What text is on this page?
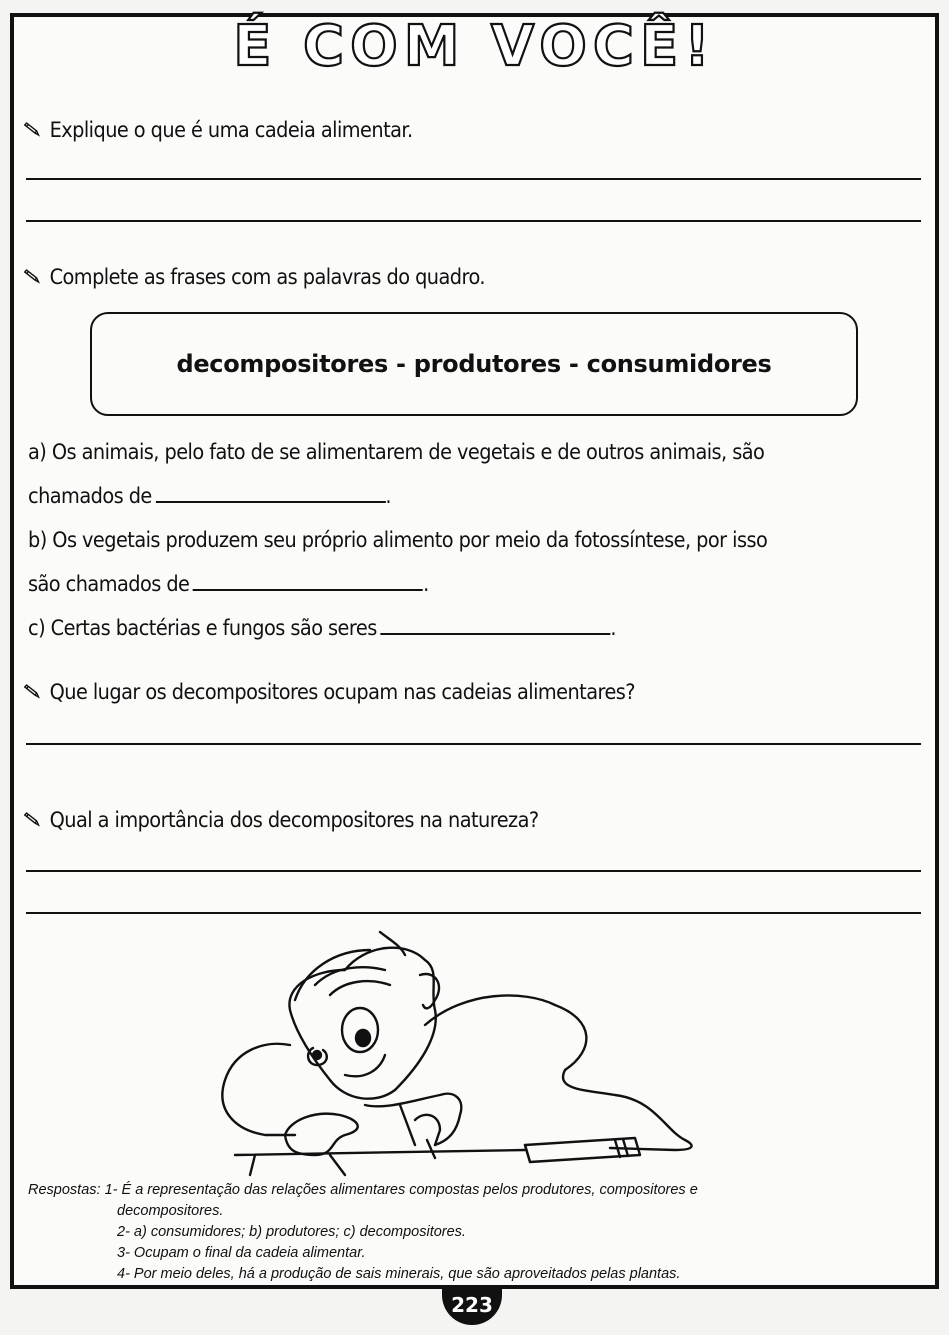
É COM VOCÊ!
Explique o que é uma cadeia alimentar.
Complete as frases com as palavras do quadro.
decompositores - produtores - consumidores
a) Os animais, pelo fato de se alimentarem de vegetais e de outros animais, são
chamados de	.
b) Os vegetais produzem seu próprio alimento por meio da fotossíntese, por isso
são chamados de	.
c) Certas bactérias e fungos são seres	.
Que lugar os decompositores ocupam nas cadeias alimentares?
Qual a importância dos decompositores na natureza?
Respostas: 1- É a representação das relações alimentares compostas pelos produtores, compositores e
decompositores.
2- a) consumidores; b) produtores; c) decompositores.
3- Ocupam o final da cadeia alimentar.
4- Por meio deles, há a produção de sais minerais, que são aproveitados pelas plantas.
223
